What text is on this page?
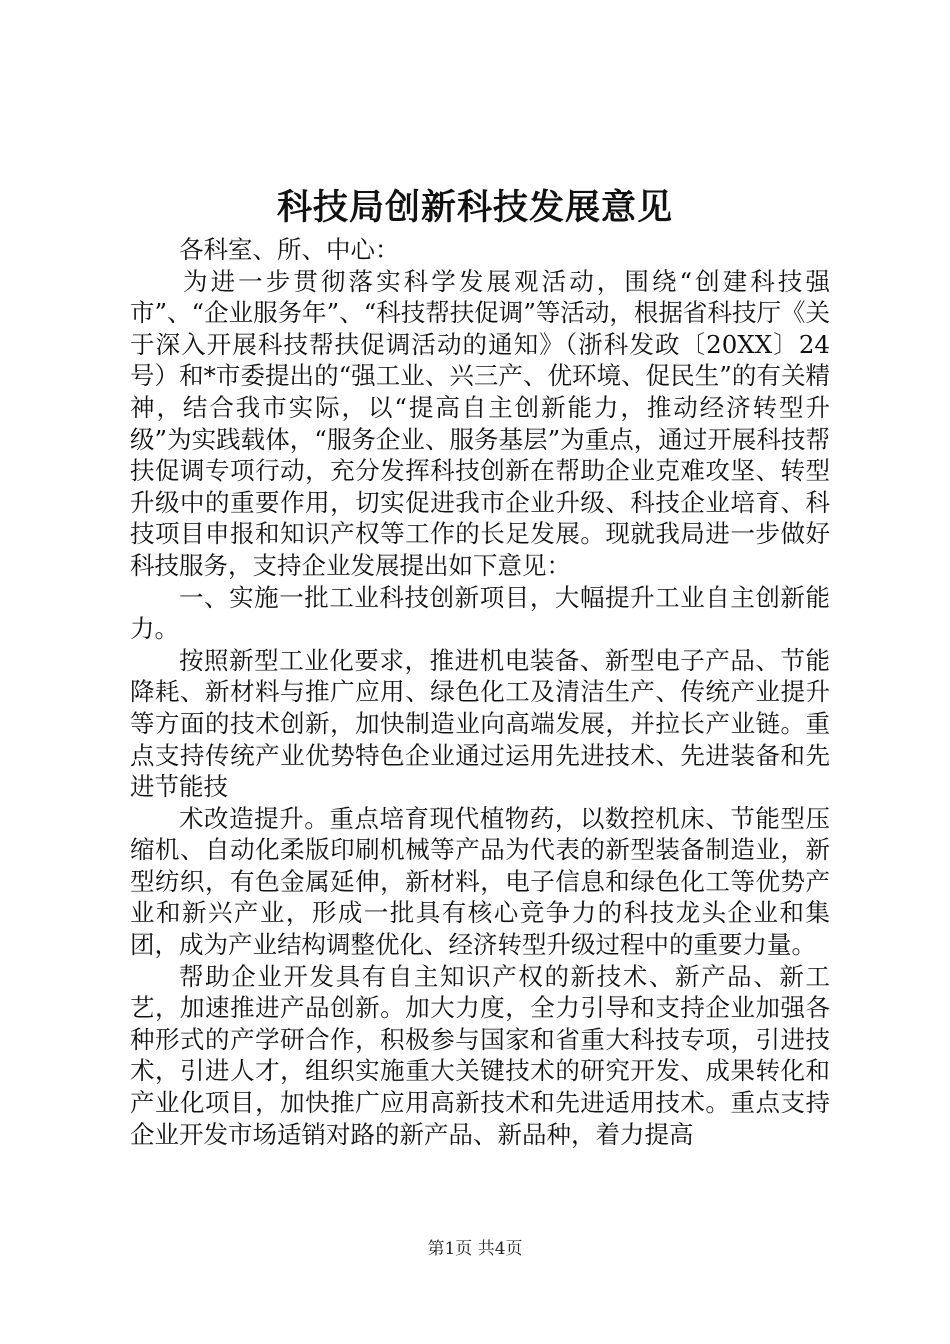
科技局创新科技发展意见

各科室、所、中心：

为进一步贯彻落实科学发展观活动，围绕“创建科技强市”、“企业服务年”、“科技帮扶促调”等活动，根据省科技厅《关于深入开展科技帮扶促调活动的通知》（浙科发政〔20XX〕24号）和*市委提出的“强工业、兴三产、优环境、促民生”的有关精神，结合我市实际，以“提高自主创新能力，推动经济转型升级”为实践载体，“服务企业、服务基层”为重点，通过开展科技帮扶促调专项行动，充分发挥科技创新在帮助企业克难攻坚、转型升级中的重要作用，切实促进我市企业升级、科技企业培育、科技项目申报和知识产权等工作的长足发展。现就我局进一步做好科技服务，支持企业发展提出如下意见：

一、实施一批工业科技创新项目，大幅提升工业自主创新能力。

按照新型工业化要求，推进机电装备、新型电子产品、节能降耗、新材料与推广应用、绿色化工及清洁生产、传统产业提升等方面的技术创新，加快制造业向高端发展，并拉长产业链。重点支持传统产业优势特色企业通过运用先进技术、先进装备和先进节能技

术改造提升。重点培育现代植物药，以数控机床、节能型压缩机、自动化柔版印刷机械等产品为代表的新型装备制造业，新型纺织，有色金属延伸，新材料，电子信息和绿色化工等优势产业和新兴产业，形成一批具有核心竞争力的科技龙头企业和集团，成为产业结构调整优化、经济转型升级过程中的重要力量。

帮助企业开发具有自主知识产权的新技术、新产品、新工艺，加速推进产品创新。加大力度，全力引导和支持企业加强各种形式的产学研合作，积极参与国家和省重大科技专项，引进技术，引进人才，组织实施重大关键技术的研究开发、成果转化和产业化项目，加快推广应用高新技术和先进适用技术。重点支持企业开发市场适销对路的新产品、新品种，着力提高

第1页 共4页
